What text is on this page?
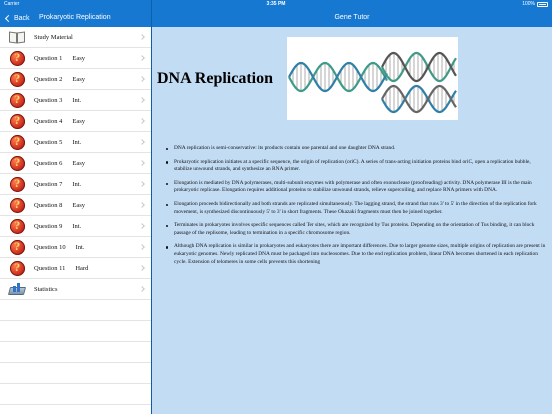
Carrier	3:35 PM	100%
Back Prokaryotic Replication	Gene Tutor
Study Material
?	Question 1 Easy
?	Question 2 Easy
?	Question 3 Int.
?	Question 4 Easy
?	Question 5 Int.
?	Question 6 Easy
?	Question 7 Int.
?	Question 8 Easy
?	Question 9 Int.
?	Question 10 Int.
?	Question 11 Hard
Statistics
DNA Replication
DNA replication is semi-conservative: its products contain one parental and one daughter DNA strand.
Prokaryotic replication initiates at a specific sequence, the origin of replication (oriC). A series of trans-acting initiation proteins bind oriC, open a replication bubble, stabilize unwound strands, and synthesize an RNA primer.
Elongation is mediated by DNA polymerases, multi-subunit enzymes with polymerase and often exonuclease (proofreading) activity. DNA polymerase III is the main prokaryotic replicase. Elongation requires additional proteins to stabilize unwound strands, relieve supercoiling, and replace RNA primers with DNA.
Elongation proceeds bidirectionally and both strands are replicated simultaneously. The lagging strand, the strand that runs 3' to 5' in the direction of the replication fork movement, is synthesized discontinuously 5' to 3' in short fragments. These Okazaki fragments must then be joined together.
Terminates in prokaryotes involves specific sequences called Ter sites, which are recognized by Tus proteins. Depending on the orientation of Tus binding, it can block passage of the replisome, leading to termination in a specific chromosome region.
Although DNA replication is similar in prokaryotes and eukaryotes there are important differences. Due to larger genome sizes, multiple origins of replication are present in eukaryotic genomes. Newly replicated DNA must be packaged into nucleosomes. Due to the end replication problem, linear DNA becomes shortened in each replication cycle. Extension of telomeres in some cells prevents this shortening
